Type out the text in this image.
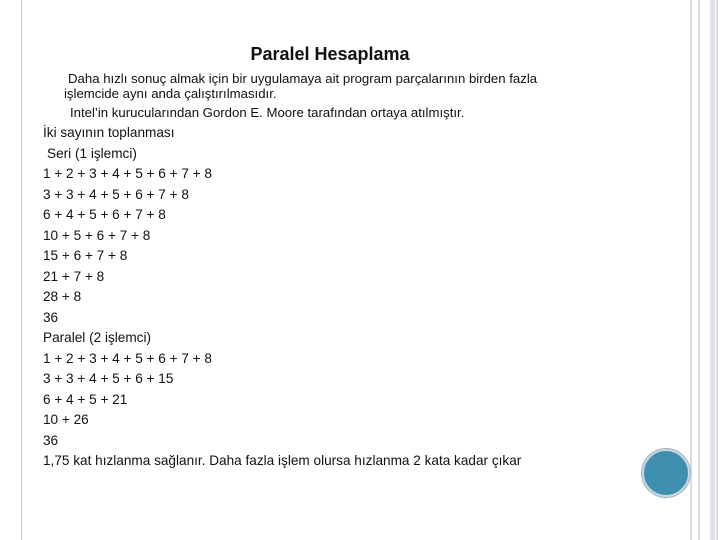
Paralel Hesaplama
Daha hızlı sonuç almak için bir uygulamaya ait program parçalarının birden fazla
işlemcide aynı anda çalıştırılmasıdır.
Intel’in kurucularından Gordon E. Moore tarafından ortaya atılmıştır.
İki sayının toplanması
Seri (1 işlemci)
1 + 2 + 3 + 4 + 5 + 6 + 7 + 8
3 + 3 + 4 + 5 + 6 + 7 + 8
6 + 4 + 5 + 6 + 7 + 8
10 + 5 + 6 + 7 + 8
15 + 6 + 7 + 8
21 + 7 + 8
28 + 8
36
Paralel (2 işlemci)
1 + 2 + 3 + 4 + 5 + 6 + 7 + 8
3 + 3 + 4 + 5 + 6 + 15
6 + 4 + 5 + 21
10 + 26
36
1,75 kat hızlanma sağlanır. Daha fazla işlem olursa hızlanma 2 kata kadar çıkar
